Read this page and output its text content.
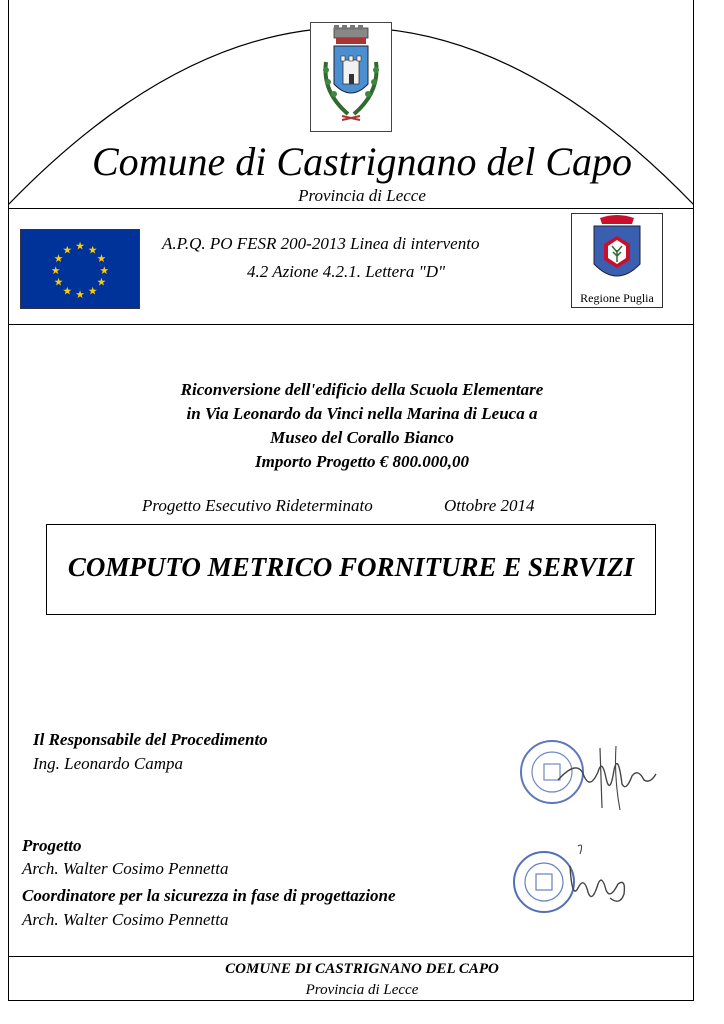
Comune di Castrignano del Capo
Provincia di Lecce
★ ★
★
★
★
★
★
★
★
★
★
★	A.P.Q. PO FESR 200-2013 Linea di intervento
4.2 Azione 4.2.1. Lettera "D"
Regione Puglia
Riconversione dell'edificio della Scuola Elementare
in Via Leonardo da Vinci nella Marina di Leuca a
Museo del Corallo Bianco
Importo Progetto € 800.000,00
Progetto Esecutivo Rideterminato	Ottobre 2014
COMPUTO METRICO FORNITURE E SERVIZI
Il Responsabile del Procedimento
Ing. Leonardo Campa
Progetto
Arch. Walter Cosimo Pennetta
Coordinatore per la sicurezza in fase di progettazione
Arch. Walter Cosimo Pennetta
COMUNE DI CASTRIGNANO DEL CAPO
Provincia di Lecce
